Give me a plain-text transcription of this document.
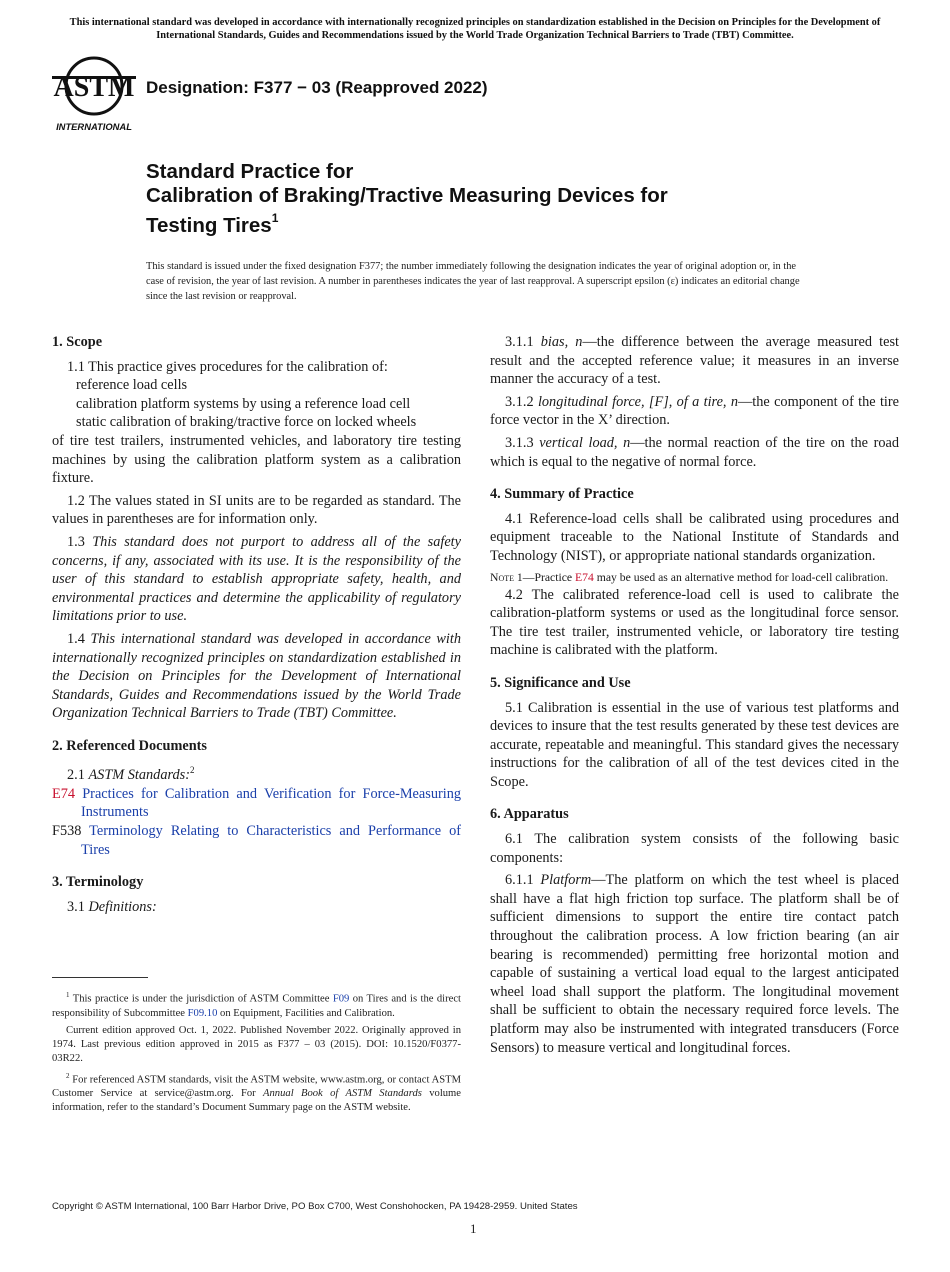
This international standard was developed in accordance with internationally recognized principles on standardization established in the Decision on Principles for the Development of International Standards, Guides and Recommendations issued by the World Trade Organization Technical Barriers to Trade (TBT) Committee.
ASTM
INTERNATIONAL
Designation: F377 − 03 (Reapproved 2022)
Standard Practice for
Calibration of Braking/Tractive Measuring Devices for
Testing Tires$^1$
This standard is issued under the fixed designation F377; the number immediately following the designation indicates the year of original adoption or, in the case of revision, the year of last revision. A number in parentheses indicates the year of last reapproval. A superscript epsilon (ε) indicates an editorial change since the last revision or reapproval.
1. Scope

1.1 This practice gives procedures for the calibration of:

reference load cells

calibration platform systems by using a reference load cell

static calibration of braking/tractive force on locked wheels

of tire test trailers, instrumented vehicles, and laboratory tire testing machines by using the calibration platform system as a calibration fixture.

1.2 The values stated in SI units are to be regarded as standard. The values in parentheses are for information only.

1.3 This standard does not purport to address all of the safety concerns, if any, associated with its use. It is the responsibility of the user of this standard to establish appropriate safety, health, and environmental practices and determine the applicability of regulatory limitations prior to use.

1.4 This international standard was developed in accordance with internationally recognized principles on standardization established in the Decision on Principles for the Development of International Standards, Guides and Recommendations issued by the World Trade Organization Technical Barriers to Trade (TBT) Committee.

2. Referenced Documents

2.1 ASTM Standards:$^2$

E74 Practices for Calibration and Verification for Force-Measuring Instruments

F538 Terminology Relating to Characteristics and Performance of Tires

3. Terminology

3.1 Definitions:

3.1.1 bias, n—the difference between the average measured test result and the accepted reference value; it measures in an inverse manner the accuracy of a test.

3.1.2 longitudinal force, [F], of a tire, n—the component of the tire force vector in the X’ direction.

3.1.3 vertical load, n—the normal reaction of the tire on the road which is equal to the negative of normal force.

4. Summary of Practice

4.1 Reference-load cells shall be calibrated using procedures and equipment traceable to the National Institute of Standards and Technology (NIST), or appropriate national standards organization.

Note 1—Practice E74 may be used as an alternative method for load-cell calibration.

4.2 The calibrated reference-load cell is used to calibrate the calibration-platform systems or used as the longitudinal force sensor. The tire test trailer, instrumented vehicle, or laboratory tire testing machine is calibrated with the platform.

5. Significance and Use

5.1 Calibration is essential in the use of various test platforms and devices to insure that the test results generated by these test devices are accurate, repeatable and meaningful. This standard gives the necessary instructions for the calibration of all of the test devices cited in the Scope.

6. Apparatus

6.1 The calibration system consists of the following basic components:

6.1.1 Platform—The platform on which the test wheel is placed shall have a flat high friction top surface. The platform shall be of sufficient dimensions to support the entire tire contact patch throughout the calibration process. A low friction bearing (an air bearing is recommended) permitting free horizontal motion and capable of sustaining a vertical load equal to the largest anticipated wheel load shall support the platform. The longitudinal movement shall be sufficient to obtain the necessary required force levels. The platform may also be instrumented with integrated transducers (Force Sensors) to measure vertical and longitudinal forces.

$^1$ This practice is under the jurisdiction of ASTM Committee F09 on Tires and is the direct responsibility of Subcommittee F09.10 on Equipment, Facilities and Calibration.

Current edition approved Oct. 1, 2022. Published November 2022. Originally approved in 1974. Last previous edition approved in 2015 as F377 – 03 (2015). DOI: 10.1520/F0377-03R22.

$^2$ For referenced ASTM standards, visit the ASTM website, www.astm.org, or contact ASTM Customer Service at service@astm.org. For Annual Book of ASTM Standards volume information, refer to the standard’s Document Summary page on the ASTM website.

Copyright © ASTM International, 100 Barr Harbor Drive, PO Box C700, West Conshohocken, PA 19428-2959. United States
1
